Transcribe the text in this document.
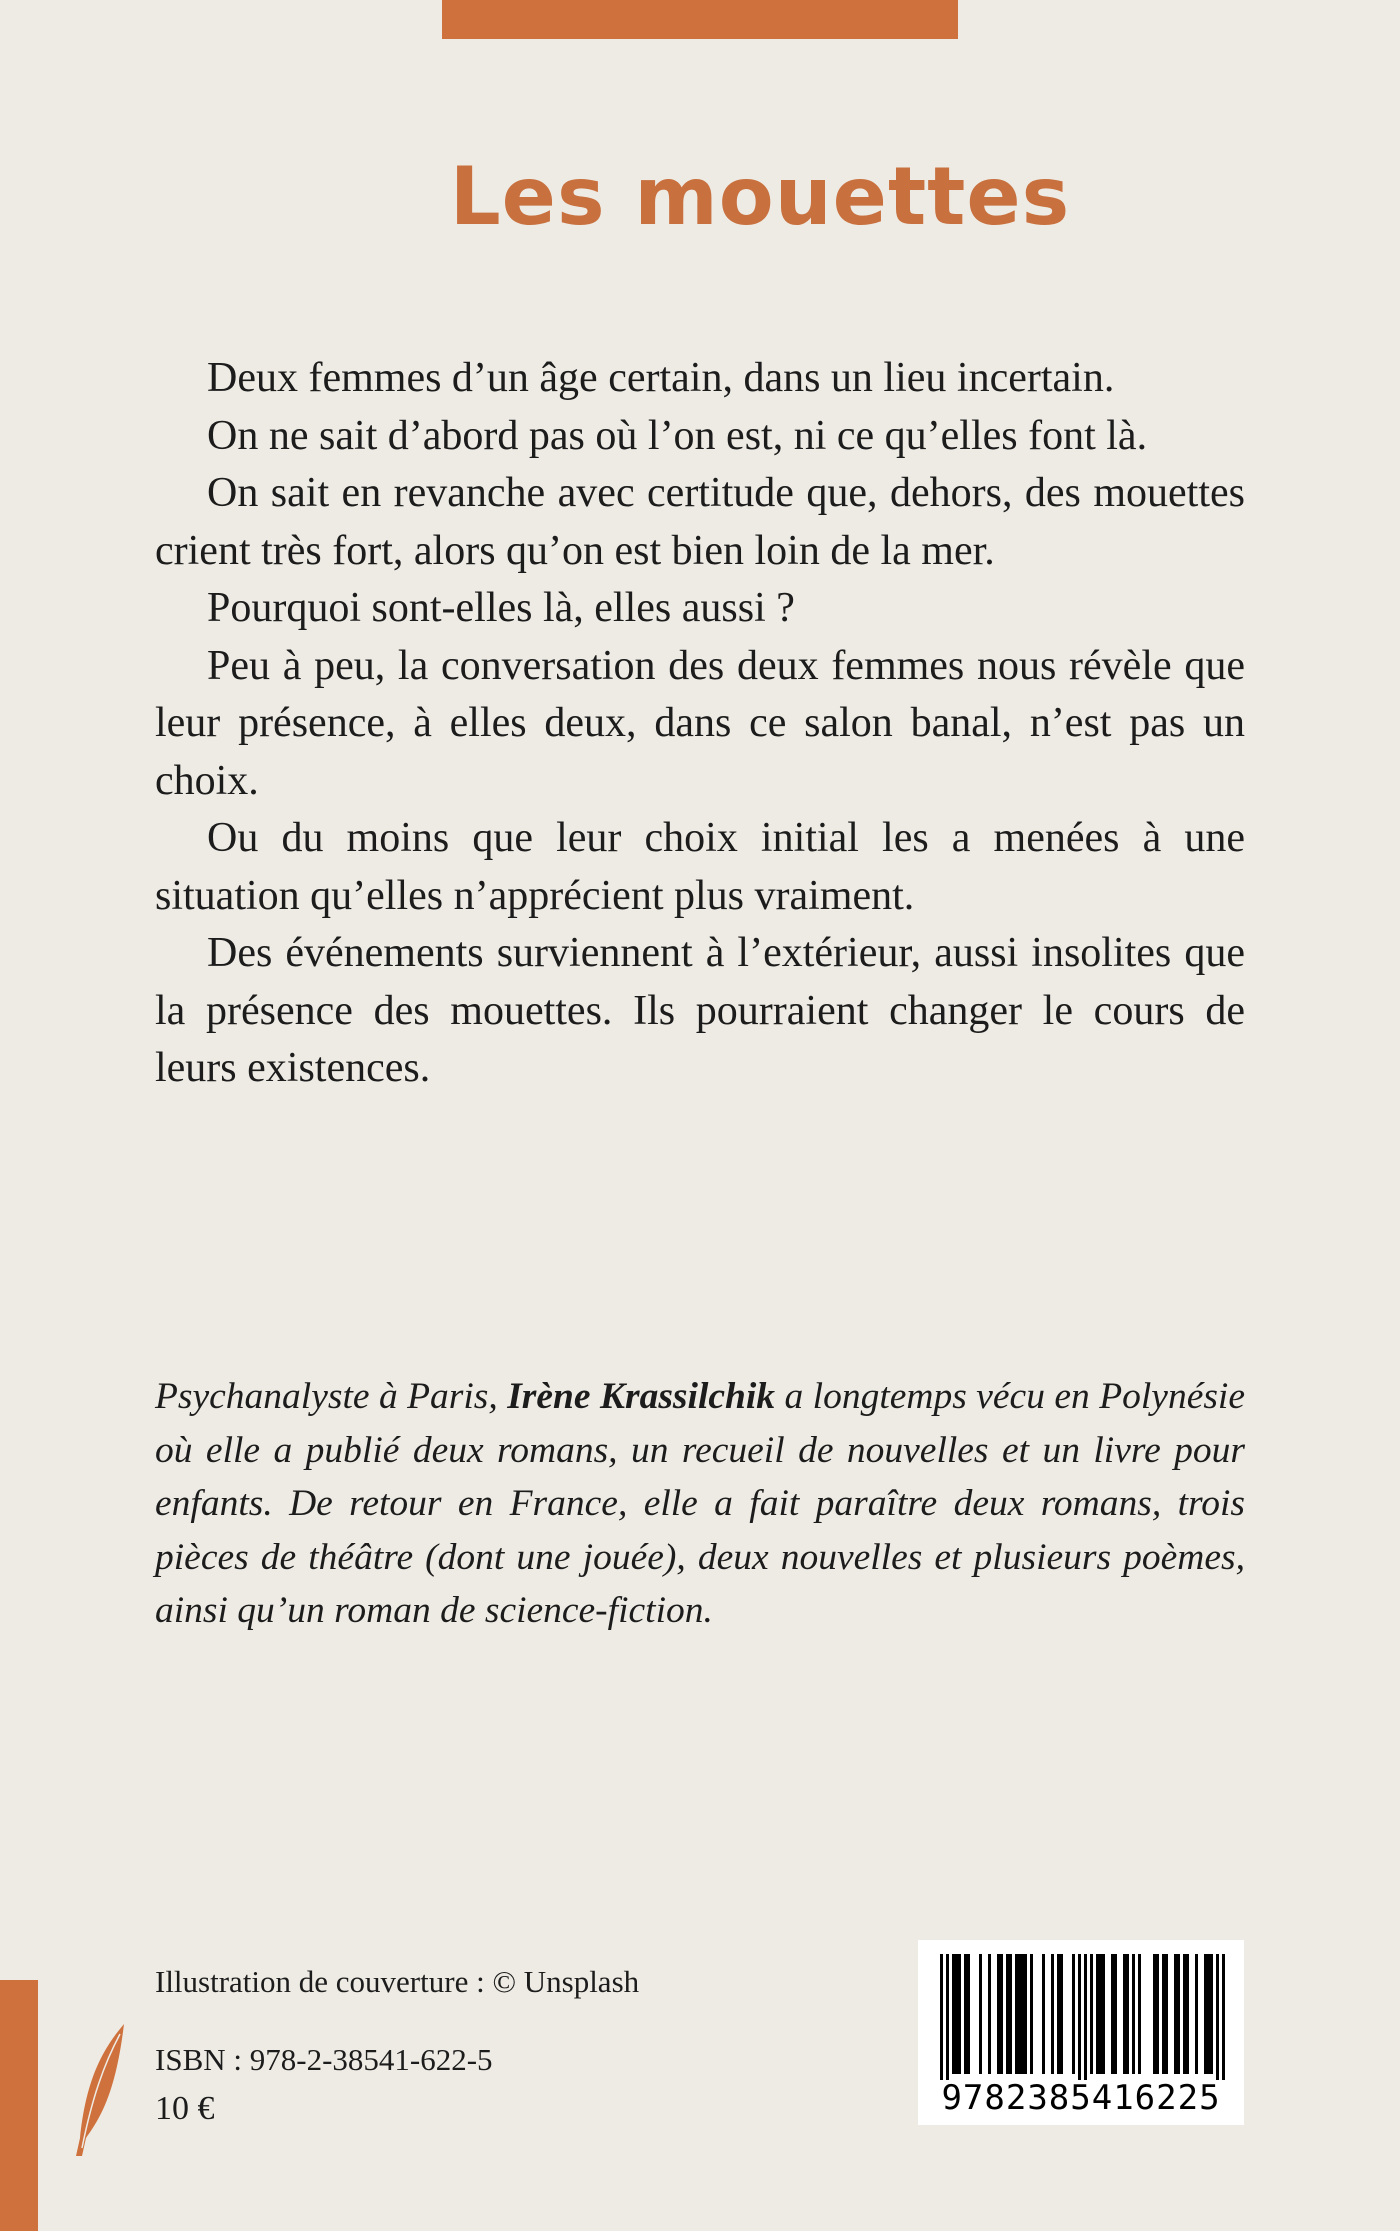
Les mouettes

Deux femmes d’un âge certain, dans un lieu incertain.

On ne sait d’abord pas où l’on est, ni ce qu’elles font là.

On sait en revanche avec certitude que, dehors, des mouettes crient très fort, alors qu’on est bien loin de la mer.

Pourquoi sont-elles là, elles aussi ?

Peu à peu, la conversation des deux femmes nous révèle que leur présence, à elles deux, dans ce salon banal, n’est pas un choix.

Ou du moins que leur choix initial les a menées à une situation qu’elles n’apprécient plus vraiment.

Des événements surviennent à l’extérieur, aussi insolites que la présence des mouettes. Ils pourraient changer le cours de leurs existences.

Psychanalyste à Paris, Irène Krassilchik a longtemps vécu en Polynésie où elle a publié deux romans, un recueil de nouvelles et un livre pour enfants. De retour en France, elle a fait paraître deux romans, trois pièces de théâtre (dont une jouée), deux nouvelles et plusieurs poèmes, ainsi qu’un roman de science-fiction.

Illustration de couverture : © Unsplash
ISBN : 978-2-38541-622-5
10 €	9782385416225
